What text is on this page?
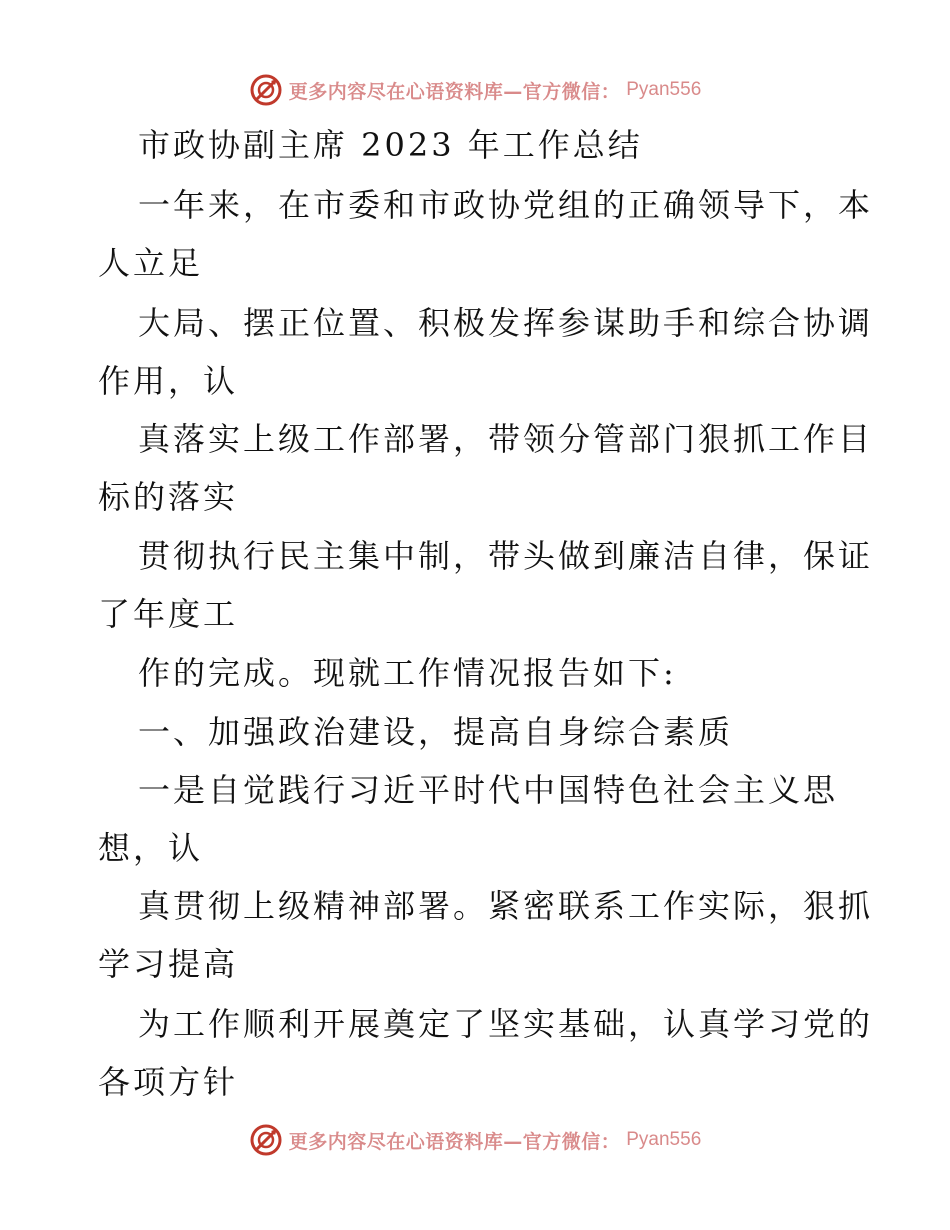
更多内容尽在心语资料库—官方微信： Pyan556
市政协副主席 2023 年工作总结
一年来，在市委和市政协党组的正确领导下，本
人立足
大局、摆正位置、积极发挥参谋助手和综合协调
作用，认
真落实上级工作部署，带领分管部门狠抓工作目
标的落实
贯彻执行民主集中制，带头做到廉洁自律，保证
了年度工
作的完成。现就工作情况报告如下:
一、加强政治建设，提高自身综合素质
一是自觉践行习近平时代中国特色社会主义思
想，认
真贯彻上级精神部署。紧密联系工作实际，狠抓
学习提高
为工作顺利开展奠定了坚实基础，认真学习党的
各项方针
更多内容尽在心语资料库—官方微信： Pyan556
